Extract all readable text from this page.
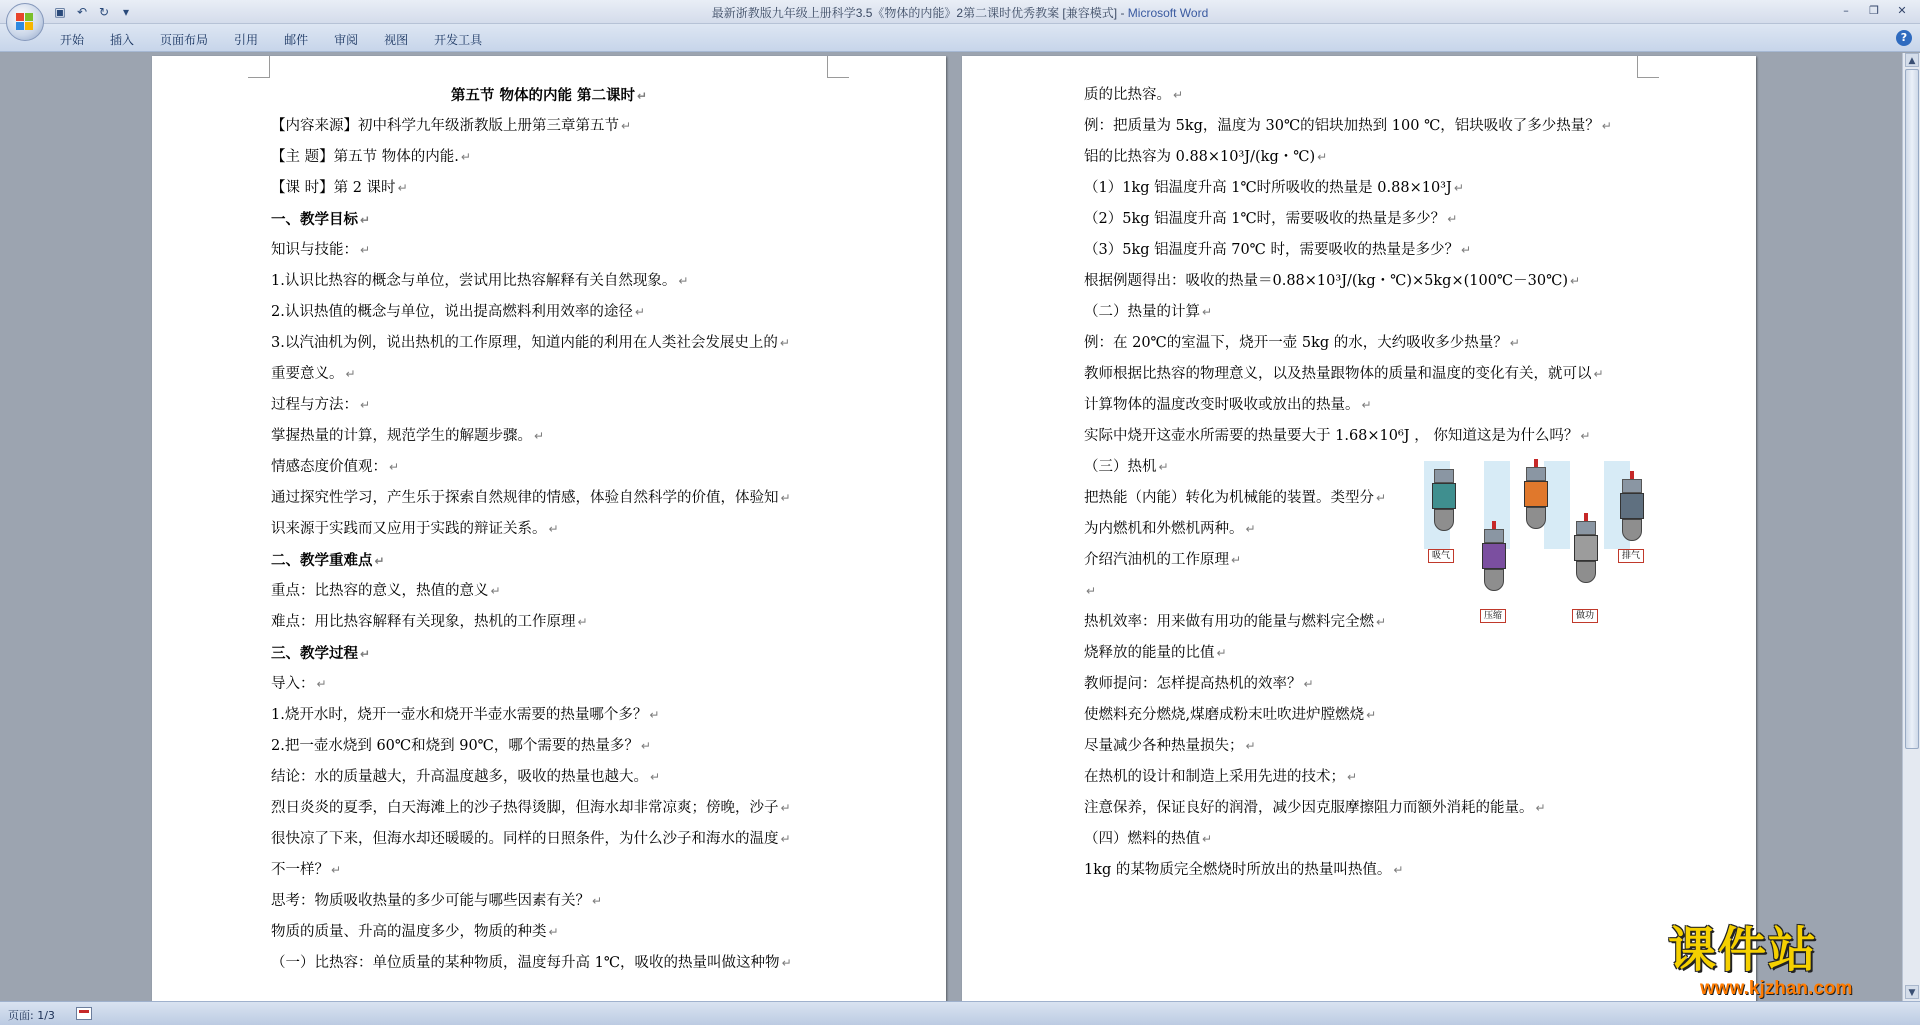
▣ ↶ ↻	▾	最新浙教版九年级上册科学3.5《物体的内能》2第二课时优秀教案 [兼容模式] - Microsoft Word	–	❐	✕
开始	插入	页面布局	引用	邮件	审阅	视图	开发工具	?
第五节 物体的内能 第二课时 ↵
【内容来源】初中科学九年级浙教版上册第三章第五节 ↵
【主 题】第五节 物体的内能. ↵
【课 时】第 2 课时 ↵
一、教学目标 ↵
知识与技能： ↵
1.认识比热容的概念与单位，尝试用比热容解释有关自然现象。 ↵
2.认识热值的概念与单位，说出提高燃料利用效率的途径 ↵
3.以汽油机为例，说出热机的工作原理，知道内能的利用在人类社会发展史上的 ↵
重要意义。 ↵
过程与方法： ↵
掌握热量的计算，规范学生的解题步骤。 ↵
情感态度价值观： ↵
通过探究性学习，产生乐于探索自然规律的情感，体验自然科学的价值，体验知 ↵
识来源于实践而又应用于实践的辩证关系。 ↵
二、教学重难点 ↵
重点：比热容的意义，热值的意义 ↵
难点：用比热容解释有关现象，热机的工作原理 ↵
三、教学过程 ↵
导入： ↵
1.烧开水时，烧开一壶水和烧开半壶水需要的热量哪个多？ ↵
2.把一壶水烧到 60℃和烧到 90℃，哪个需要的热量多？ ↵
结论：水的质量越大，升高温度越多，吸收的热量也越大。 ↵
烈日炎炎的夏季，白天海滩上的沙子热得烫脚，但海水却非常凉爽；傍晚，沙子 ↵
很快凉了下来，但海水却还暖暖的。同样的日照条件，为什么沙子和海水的温度 ↵
不一样？ ↵
思考：物质吸收热量的多少可能与哪些因素有关？ ↵
物质的质量、升高的温度多少，物质的种类 ↵
（一）比热容：单位质量的某种物质，温度每升高 1℃，吸收的热量叫做这种物 ↵
质的比热容。 ↵
例：把质量为 5kg，温度为 30℃的铝块加热到 100 ℃，铝块吸收了多少热量？ ↵
铝的比热容为 0.88×10³J/(kg・℃) ↵
（1）1kg 铝温度升高 1℃时所吸收的热量是 0.88×10³J ↵
（2）5kg 铝温度升高 1℃时，需要吸收的热量是多少？ ↵
（3）5kg 铝温度升高 70℃ 时，需要吸收的热量是多少？ ↵
根据例题得出：吸收的热量＝0.88×10³J/(kg・℃)×5kg×(100℃－30℃) ↵
（二）热量的计算 ↵
例：在 20℃的室温下，烧开一壶 5kg 的水，大约吸收多少热量？ ↵
教师根据比热容的物理意义，以及热量跟物体的质量和温度的变化有关，就可以 ↵
计算物体的温度改变时吸收或放出的热量。 ↵
实际中烧开这壶水所需要的热量要大于 1.68×10⁶J ， 你知道这是为什么吗？ ↵
（三）热机 ↵
把热能（内能）转化为机械能的装置。类型分 ↵
为内燃机和外燃机两种。 ↵
介绍汽油机的工作原理 ↵
↵
热机效率：用来做有用功的能量与燃料完全燃 ↵
烧释放的能量的比值 ↵
教师提问：怎样提高热机的效率？ ↵
使燃料充分燃烧,煤磨成粉末吐吹进炉膛燃烧 ↵
尽量减少各种热量损失； ↵
在热机的设计和制造上采用先进的技术； ↵
注意保养，保证良好的润滑，减少因克服摩擦阻力而额外消耗的能量。 ↵
（四）燃料的热值 ↵
1kg 的某物质完全燃烧时所放出的热量叫热值。 ↵
吸气
压缩	做功
排气
▲
▼
页面: 1/3
课件站
www.kjzhan.com
